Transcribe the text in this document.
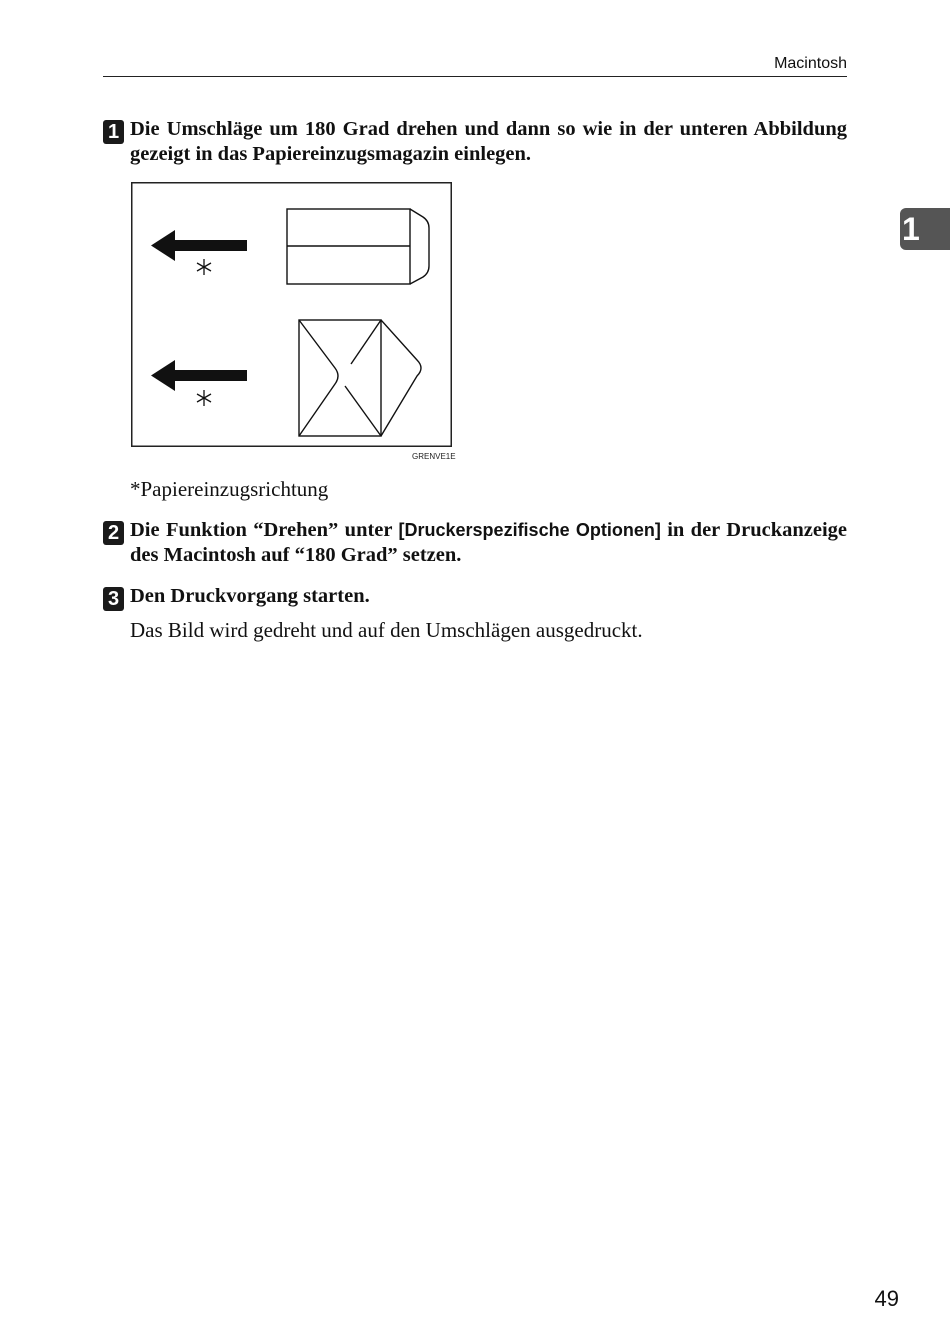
Macintosh
1
1 Die Umschläge um 180 Grad drehen und dann so wie in der unteren Abbildung gezeigt in das Papiereinzugsmagazin einlegen.
GRENVE1E
*Papiereinzugsrichtung
2 Die Funktion “Drehen” unter [Druckerspezifische Optionen] in der Druckanzeige des Macintosh auf “180 Grad” setzen.
3 Den Druckvorgang starten.
Das Bild wird gedreht und auf den Umschlägen ausgedruckt.
49
